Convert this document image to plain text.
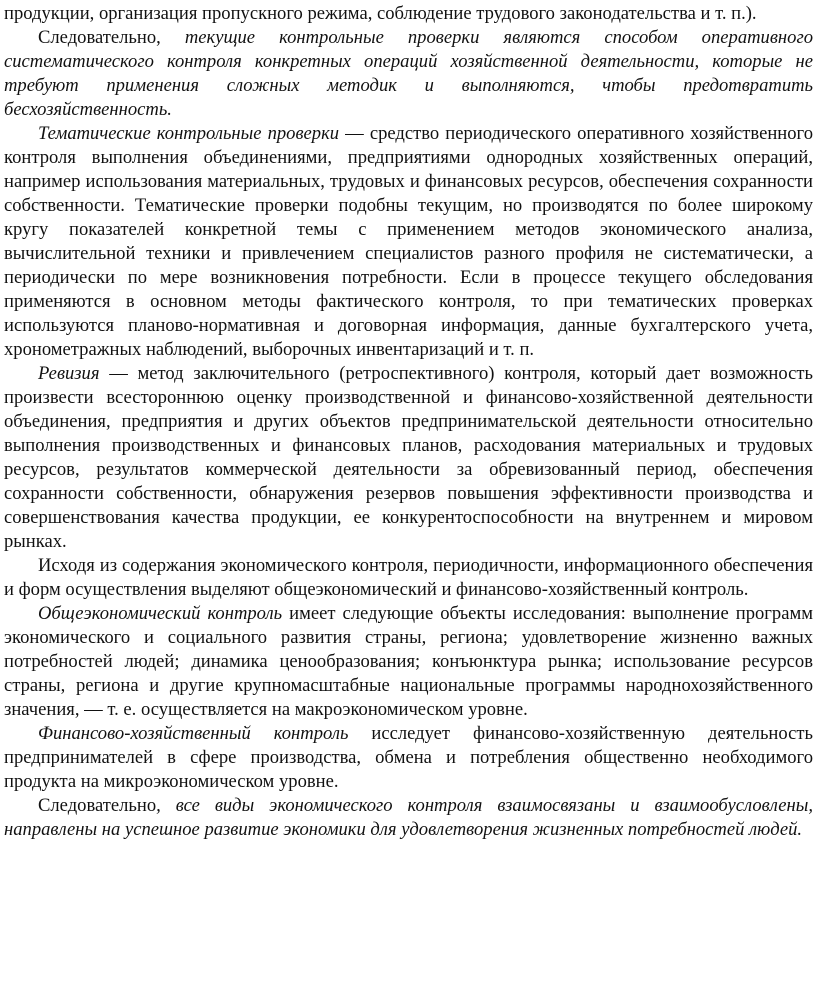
продукции, организация пропускного режима, соблюдение трудового законодательства и т. п.).

Следовательно, текущие контрольные проверки являются способом оперативного систематического контроля конкретных операций хозяйственной деятельности, которые не требуют применения сложных методик и выполняются, чтобы предотвратить бесхозяйственность.

Тематические контрольные проверки — средство периодического оперативного хозяйственного контроля выполнения объединениями, предприятиями однородных хозяйственных операций, например использования материальных, трудовых и финансовых ресурсов, обеспечения сохранности собственности. Тематические проверки подобны текущим, но производятся по более широкому кругу показателей конкретной темы с применением методов экономического анализа, вычислительной техники и привлечением специалистов разного профиля не систематически, а периодически по мере возникновения потребности. Если в процессе текущего обследования применяются в основном методы фактического контроля, то при тематических проверках используются планово-нормативная и договорная информация, данные бухгалтерского учета, хронометражных наблюдений, выборочных инвентаризаций и т. п.

Ревизия — метод заключительного (ретроспективного) контроля, который дает возможность произвести всестороннюю оценку производственной и финансово-хозяйственной деятельности объединения, предприятия и других объектов предпринимательской деятельности относительно выполнения производственных и финансовых планов, расходования материальных и трудовых ресурсов, результатов коммерческой деятельности за обревизованный период, обеспечения сохранности собственности, обнаружения резервов повышения эффективности производства и совершенствования качества продукции, ее конкурентоспособности на внутреннем и мировом рынках.

Исходя из содержания экономического контроля, периодичности, информационного обеспечения и форм осуществления выделяют общеэкономический и финансово-хозяйственный контроль.

Общеэкономический контроль имеет следующие объекты исследования: выполнение программ экономического и социального развития страны, региона; удовлетворение жизненно важных потребностей людей; динамика ценообразования; конъюнктура рынка; использование ресурсов страны, региона и другие крупномасштабные национальные программы народнохозяйственного значения, — т. е. осуществляется на макроэкономическом уровне.

Финансово-хозяйственный контроль исследует финансово-хозяйственную деятельность предпринимателей в сфере производства, обмена и потребления общественно необходимого продукта на микроэкономическом уровне.

Следовательно, все виды экономического контроля взаимосвязаны и взаимообусловлены, направлены на успешное развитие экономики для удовлетворения жизненных потребностей людей.
